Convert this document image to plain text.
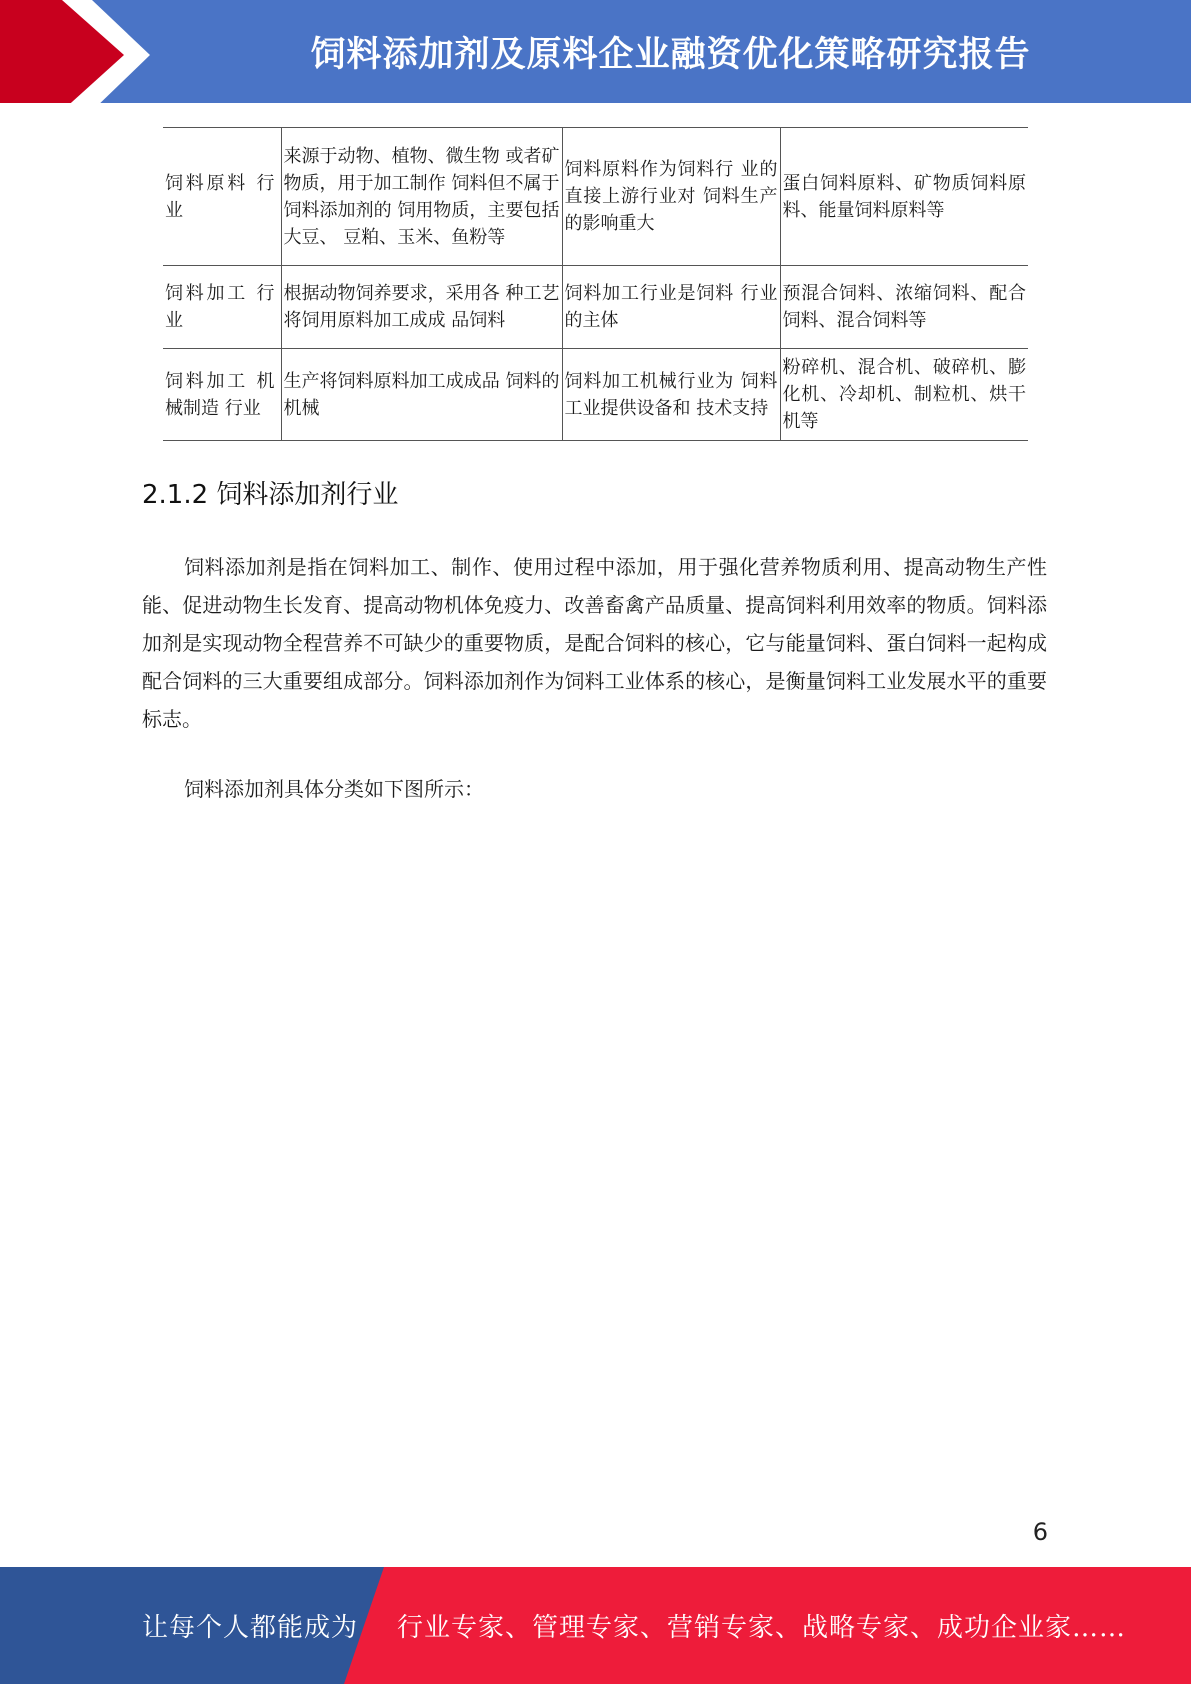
饲料添加剂及原料企业融资优化策略研究报告
饲料原料 行业	来源于动物、植物、微生物 或者矿物质，用于加工制作 饲料但不属于饲料添加剂的 饲用物质，主要包括大豆、 豆粕、玉米、鱼粉等	饲料原料作为饲料行 业的直接上游行业对 饲料生产的影响重大	蛋白饲料原料、矿物质饲料原料、能量饲料原料等
饲料加工 行业	根据动物饲养要求，采用各 种工艺将饲用原料加工成成 品饲料	饲料加工行业是饲料 行业的主体	预混合饲料、浓缩饲料、配合饲料、混合饲料等
饲料加工 机械制造 行业	生产将饲料原料加工成成品 饲料的机械	饲料加工机械行业为 饲料工业提供设备和 技术支持	粉碎机、混合机、破碎机、膨化机、冷却机、制粒机、烘干机等
2.1.2 饲料添加剂行业

饲料添加剂是指在饲料加工、制作、使用过程中添加，用于强化营养物质利用、提高动物生产性能、促进动物生长发育、提高动物机体免疫力、改善畜禽产品质量、提高饲料利用效率的物质。饲料添加剂是实现动物全程营养不可缺少的重要物质，是配合饲料的核心，它与能量饲料、蛋白饲料一起构成配合饲料的三大重要组成部分。饲料添加剂作为饲料工业体系的核心，是衡量饲料工业发展水平的重要标志。

饲料添加剂具体分类如下图所示：

6
让每个人都能成为 行业专家、管理专家、营销专家、战略专家、成功企业家……
